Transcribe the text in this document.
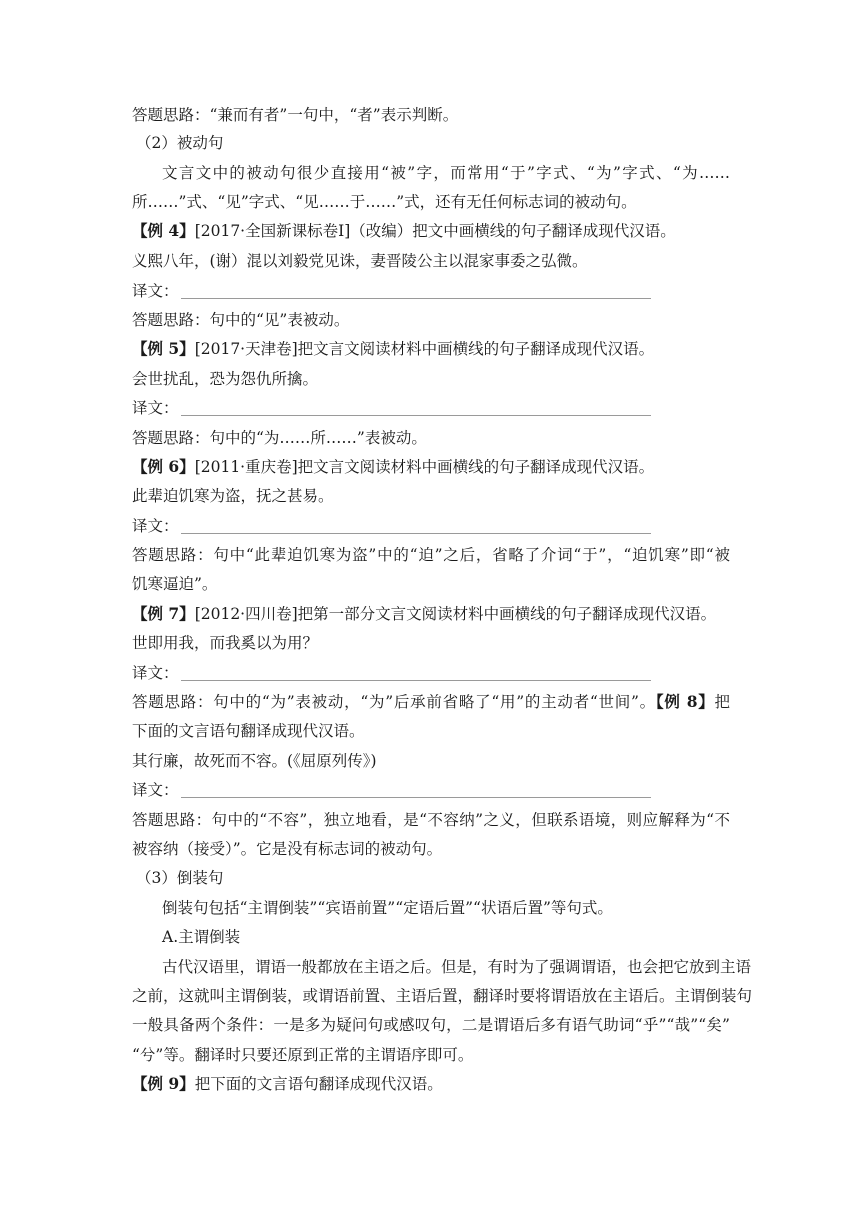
答题思路：“兼而有者”一句中，“者”表示判断。
（2）被动句
文言文中的被动句很少直接用“被”字，而常用“于”字式、“为”字式、“为……
所……”式、“见”字式、“见……于……”式，还有无任何标志词的被动句。
【例 4】[2017·全国新课标卷Ⅰ]（改编）把文中画横线的句子翻译成现代汉语。
义熙八年，(谢）混以刘毅党见诛，妻晋陵公主以混家事委之弘微。
译文：
答题思路：句中的“见”表被动。
【例 5】[2017·天津卷]把文言文阅读材料中画横线的句子翻译成现代汉语。
会世扰乱，恐为怨仇所擒。
译文：
答题思路：句中的“为……所……”表被动。
【例 6】[2011·重庆卷]把文言文阅读材料中画横线的句子翻译成现代汉语。
此辈迫饥寒为盗，抚之甚易。
译文：
答题思路：句中“此辈迫饥寒为盗”中的“迫”之后，省略了介词“于”，“迫饥寒”即“被
饥寒逼迫”。
【例 7】[2012·四川卷]把第一部分文言文阅读材料中画横线的句子翻译成现代汉语。
世即用我，而我奚以为用？
译文：
答题思路：句中的“为”表被动，“为”后承前省略了“用”的主动者“世间”。【例 8】把
下面的文言语句翻译成现代汉语。
其行廉，故死而不容。(《屈原列传》)
译文：
答题思路：句中的“不容”，独立地看，是“不容纳”之义，但联系语境，则应解释为“不
被容纳（接受）”。它是没有标志词的被动句。
（3）倒装句
倒装句包括“主谓倒装”“宾语前置”“定语后置”“状语后置”等句式。
A.主谓倒装
古代汉语里，谓语一般都放在主语之后。但是，有时为了强调谓语，也会把它放到主语
之前，这就叫主谓倒装，或谓语前置、主语后置，翻译时要将谓语放在主语后。主谓倒装句
一般具备两个条件：一是多为疑问句或感叹句，二是谓语后多有语气助词“乎”“哉”“矣”
“兮”等。翻译时只要还原到正常的主谓语序即可。
【例 9】把下面的文言语句翻译成现代汉语。
